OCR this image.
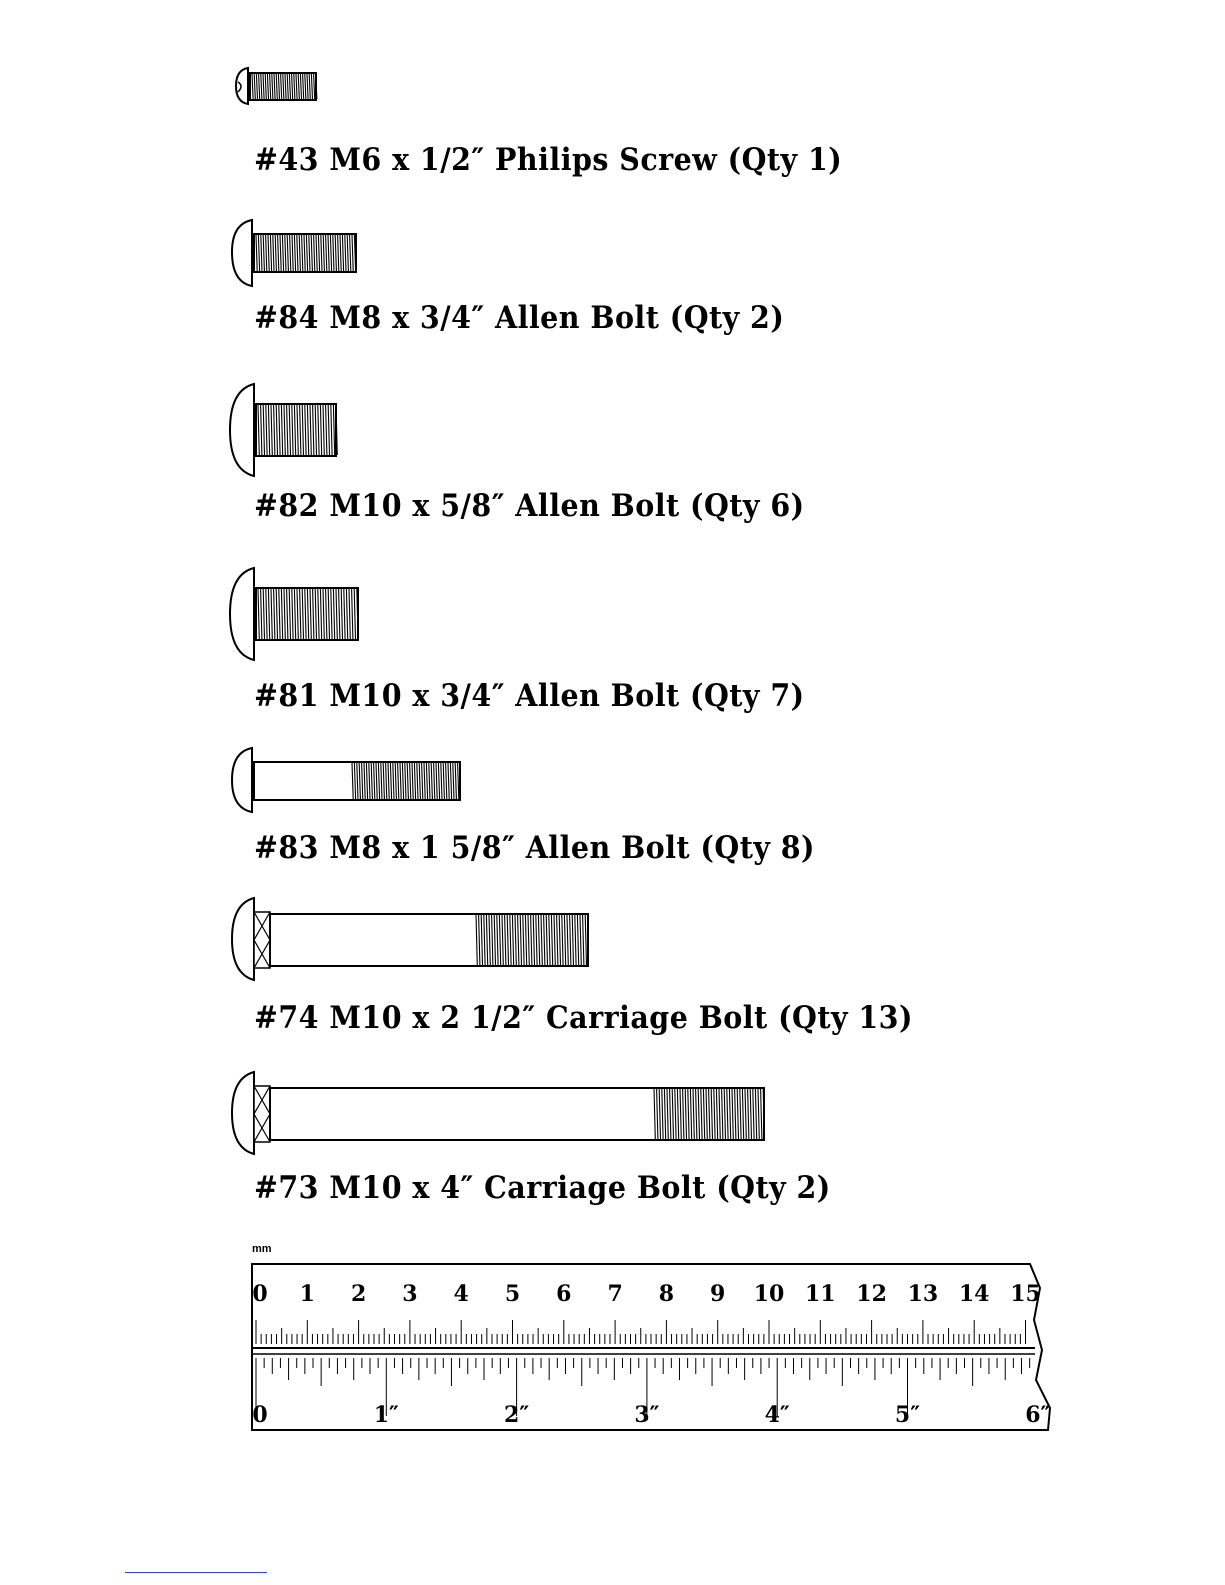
#43 M6 x 1/2″ Philips Screw (Qty 1)
#84 M8 x 3/4″ Allen Bolt (Qty 2)
#82 M10 x 5/8″ Allen Bolt (Qty 6)
#81 M10 x 3/4″ Allen Bolt (Qty 7)
#83 M8 x 1 5/8″ Allen Bolt (Qty 8)
#74 M10 x 2 1/2″ Carriage Bolt (Qty 13)
#73 M10 x 4″ Carriage Bolt (Qty 2)
mm
0 1 2 3 4 5 6 7 8 9 10 11 12 13 14 15
0	1″	2″	3″	4″	5″	6″
